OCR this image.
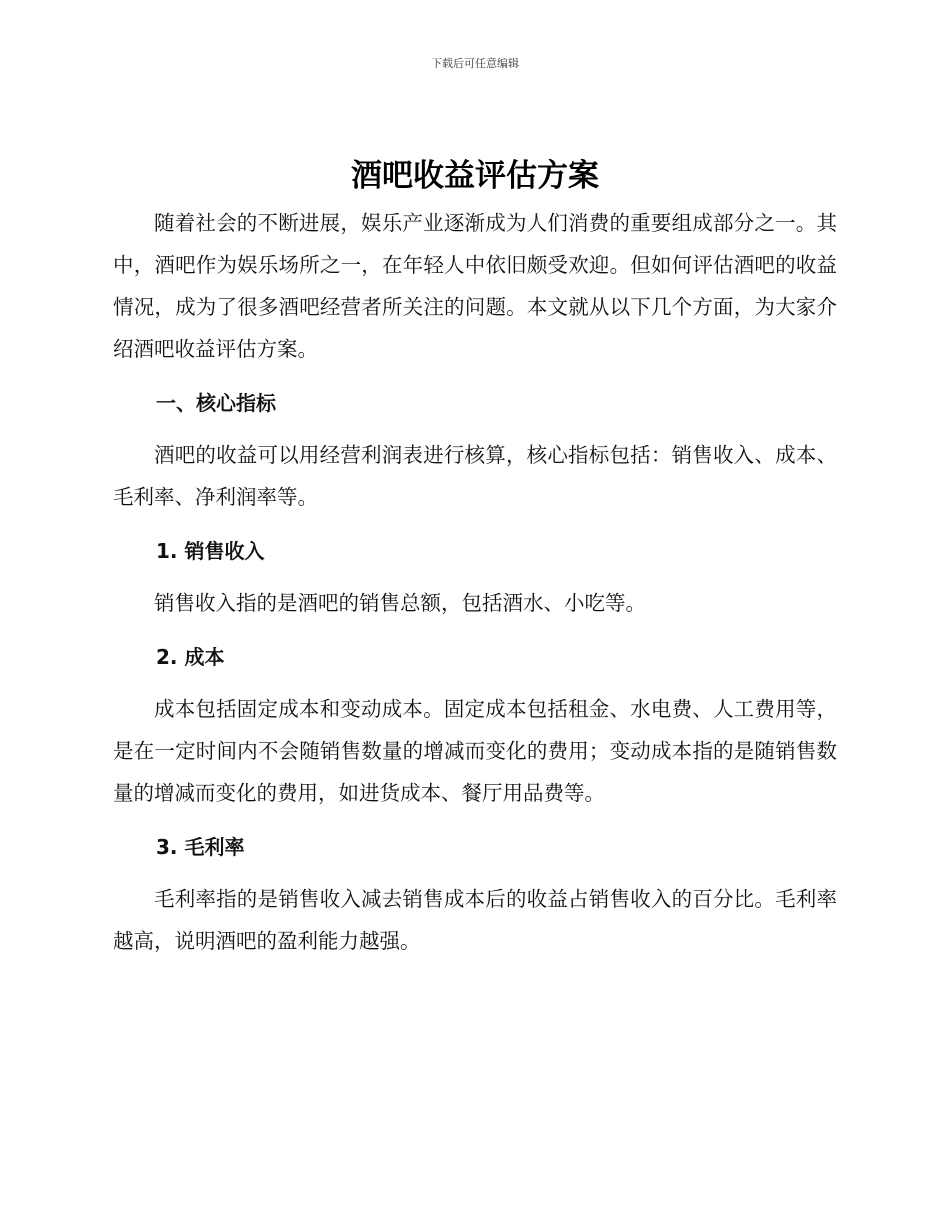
下载后可任意编辑
酒吧收益评估方案

随着社会的不断进展，娱乐产业逐渐成为人们消费的重要组成部分之一。其中，酒吧作为娱乐场所之一，在年轻人中依旧颇受欢迎。但如何评估酒吧的收益情况，成为了很多酒吧经营者所关注的问题。本文就从以下几个方面，为大家介绍酒吧收益评估方案。

一、核心指标

酒吧的收益可以用经营利润表进行核算，核心指标包括：销售收入、成本、毛利率、净利润率等。

1. 销售收入

销售收入指的是酒吧的销售总额，包括酒水、小吃等。

2. 成本

成本包括固定成本和变动成本。固定成本包括租金、水电费、人工费用等，是在一定时间内不会随销售数量的增减而变化的费用；变动成本指的是随销售数量的增减而变化的费用，如进货成本、餐厅用品费等。

3. 毛利率

毛利率指的是销售收入减去销售成本后的收益占销售收入的百分比。毛利率越高，说明酒吧的盈利能力越强。
